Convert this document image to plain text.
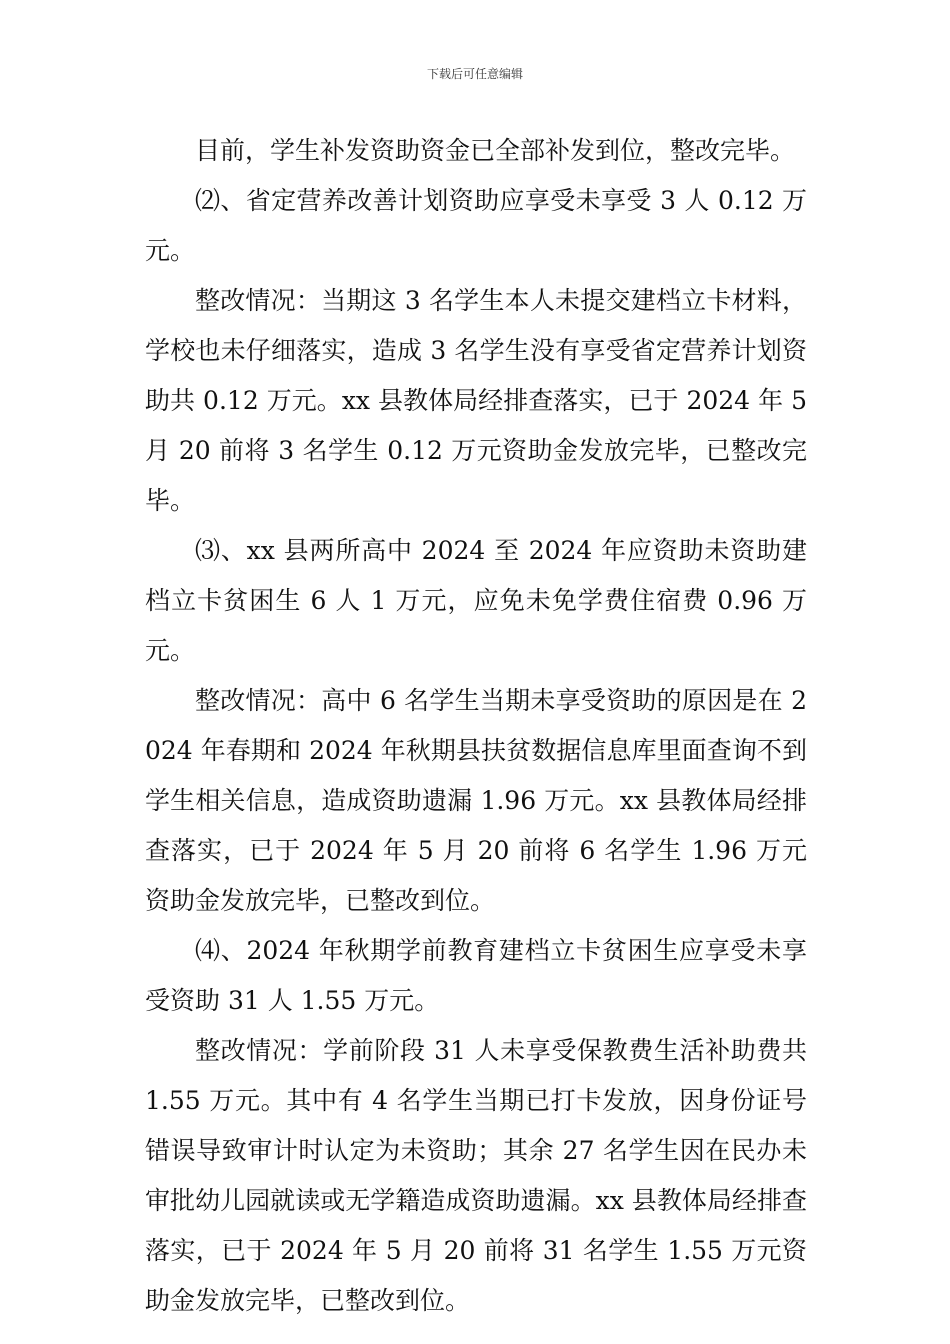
下载后可任意编辑

目前，学生补发资助资金已全部补发到位，整改完毕。

⑵、省定营养改善计划资助应享受未享受 3 人 0.12 万元。

整改情况：当期这 3 名学生本人未提交建档立卡材料，学校也未仔细落实，造成 3 名学生没有享受省定营养计划资助共 0.12 万元。xx 县教体局经排查落实，已于 2024 年 5 月 20 前将 3 名学生 0.12 万元资助金发放完毕，已整改完毕。

⑶、xx 县两所高中 2024 至 2024 年应资助未资助建档立卡贫困生 6 人 1 万元，应免未免学费住宿费 0.96 万元。

整改情况：高中 6 名学生当期未享受资助的原因是在 2024 年春期和 2024 年秋期县扶贫数据信息库里面查询不到学生相关信息，造成资助遗漏 1.96 万元。xx 县教体局经排查落实，已于 2024 年 5 月 20 前将 6 名学生 1.96 万元资助金发放完毕，已整改到位。

⑷、2024 年秋期学前教育建档立卡贫困生应享受未享受资助 31 人 1.55 万元。

整改情况：学前阶段 31 人未享受保教费生活补助费共 1.55 万元。其中有 4 名学生当期已打卡发放，因身份证号错误导致审计时认定为未资助；其余 27 名学生因在民办未审批幼儿园就读或无学籍造成资助遗漏。xx 县教体局经排查落实，已于 2024 年 5 月 20 前将 31 名学生 1.55 万元资助金发放完毕，已整改到位。
